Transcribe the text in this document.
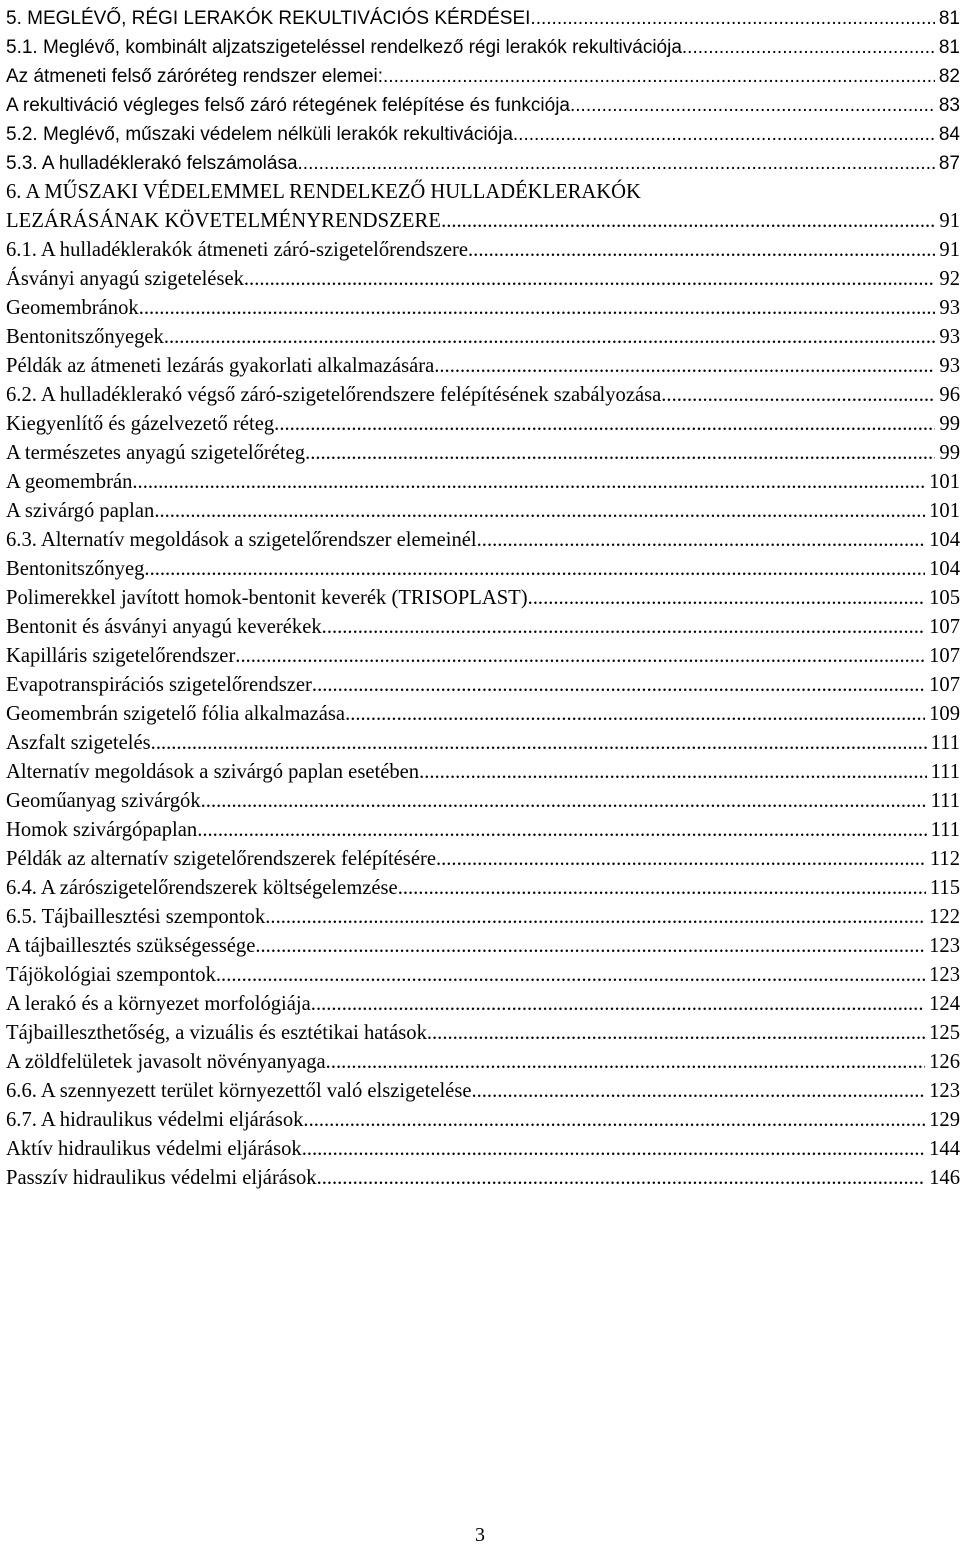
5. MEGLÉVŐ, RÉGI LERAKÓK REKULTIVÁCIÓS KÉRDÉSEI .....	81
5.1. Meglévő, kombinált aljzatszigeteléssel rendelkező régi lerakók rekultivációja .....	81
Az átmeneti felső záróréteg rendszer elemei: .....	82
A rekultiváció végleges felső záró rétegének felépítése és funkciója .....	83
5.2. Meglévő, műszaki védelem nélküli lerakók rekultivációja .....	84
5.3. A hulladéklerakó felszámolása .....	87
6. A MŰSZAKI VÉDELEMMEL RENDELKEZŐ HULLADÉKLERAKÓK
LEZÁRÁSÁNAK KÖVETELMÉNYRENDSZERE .....	91
6.1. A hulladéklerakók átmeneti záró-szigetelőrendszere .....	91
Ásványi anyagú szigetelések .....	92
Geomembránok .....	93
Bentonitszőnyegek .....	93
Példák az átmeneti lezárás gyakorlati alkalmazására .....	93
6.2. A hulladéklerakó végső záró-szigetelőrendszere felépítésének szabályozása .....	96
Kiegyenlítő és gázelvezető réteg .....	99
A természetes anyagú szigetelőréteg .....	99
A geomembrán .....	101
A szivárgó paplan .....	101
6.3. Alternatív megoldások a szigetelőrendszer elemeinél .....	104
Bentonitszőnyeg .....	104
Polimerekkel javított homok-bentonit keverék (TRISOPLAST) .....	105
Bentonit és ásványi anyagú keverékek .....	107
Kapilláris szigetelőrendszer .....	107
Evapotranspirációs szigetelőrendszer .....	107
Geomembrán szigetelő fólia alkalmazása .....	109
Aszfalt szigetelés .....	111
Alternatív megoldások a szivárgó paplan esetében .....	111
Geoműanyag szivárgók .....	111
Homok szivárgópaplan .....	111
Példák az alternatív szigetelőrendszerek felépítésére .....	112
6.4. A zárószigetelőrendszerek költségelemzése .....	115
6.5. Tájbaillesztési szempontok .....	122
A tájbaillesztés szükségessége .....	123
Tájökológiai szempontok .....	123
A lerakó és a környezet morfológiája .....	124
Tájbailleszthetőség, a vizuális és esztétikai hatások .....	125
A zöldfelületek javasolt növényanyaga .....	126
6.6. A szennyezett terület környezettől való elszigetelése .....	123
6.7. A hidraulikus védelmi eljárások .....	129
Aktív hidraulikus védelmi eljárások .....	144
Passzív hidraulikus védelmi eljárások .....	146
3
